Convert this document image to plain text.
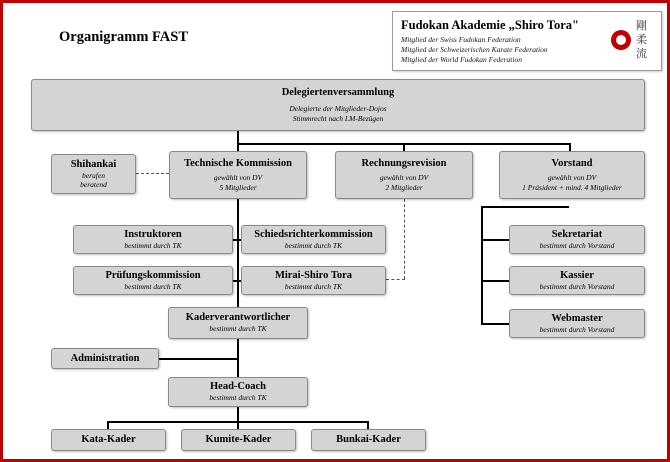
Organigramm FAST
Fudokan Akademie „Shiro Tora"
Mitglied der Swiss Fudokan Federation
Mitglied der Schweizerischen Karate Federation
Mitglied der World Fudokan Federation
剛
柔
流
Delegiertenversammlung
Delegierte der Mitglieder-Dojos
Stimmrecht nach LM-Bezügen
Shihankai
berufen
beratend
Technische Kommission
gewählt von DV
5 Mitglieder
Rechnungsrevision
gewählt von DV
2 Mitglieder
Vorstand
gewählt von DV
1 Präsident + mind. 4 Mitglieder
Instruktoren
bestimmt durch TK
Schiedsrichterkommission
bestimmt durch TK
Prüfungskommission
bestimmt durch TK
Mirai-Shiro Tora
bestimmt durch TK
Sekretariat
bestimmt durch Vorstand
Kassier
bestimmt durch Vorstand
Webmaster
bestimmt durch Vorstand
Kaderverantwortlicher
bestimmt durch TK
Administration
Head-Coach
bestimmt durch TK
Kata-Kader	Kumite-Kader	Bunkai-Kader
